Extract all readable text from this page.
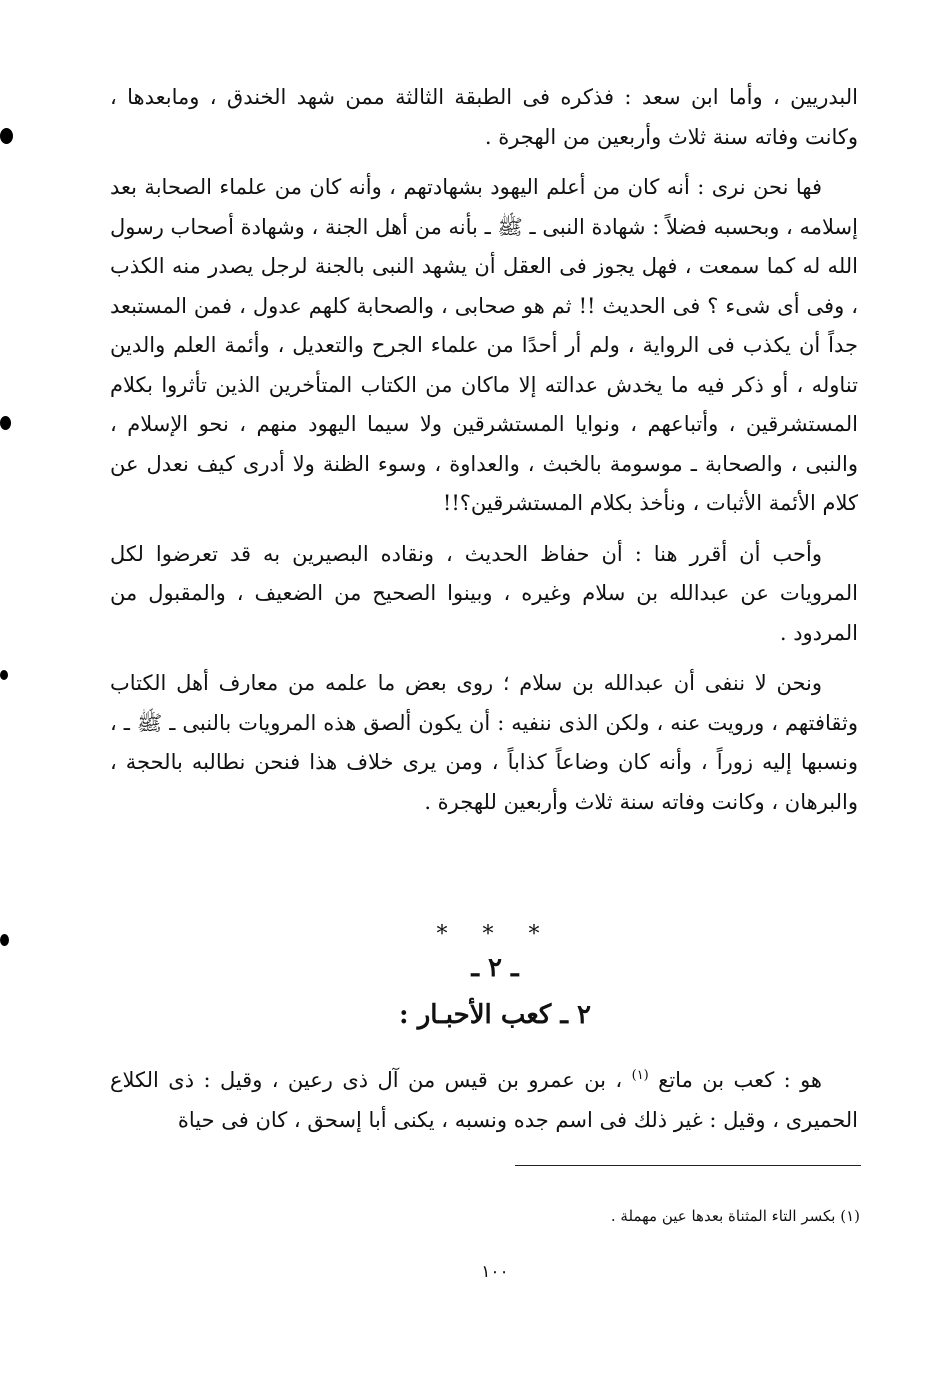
البدريين ، وأما ابن سعد : فذكره فى الطبقة الثالثة ممن شهد الخندق ، ومابعدها ، وكانت وفاته سنة ثلاث وأربعين من الهجرة .

فها نحن نرى : أنه كان من أعلم اليهود بشهادتهم ، وأنه كان من علماء الصحابة بعد إسلامه ، وبحسبه فضلاً : شهادة النبى ـ ﷺ ـ بأنه من أهل الجنة ، وشهادة أصحاب رسول الله له كما سمعت ، فهل يجوز فى العقل أن يشهد النبى بالجنة لرجل يصدر منه الكذب ، وفى أى شىء ؟ فى الحديث !! ثم هو صحابى ، والصحابة كلهم عدول ، فمن المستبعد جداً أن يكذب فى الرواية ، ولم أر أحدًا من علماء الجرح والتعديل ، وأئمة العلم والدين تناوله ، أو ذكر فيه ما يخدش عدالته إلا ماكان من الكتاب المتأخرين الذين تأثروا بكلام المستشرقين ، وأتباعهم ، ونوايا المستشرقين ولا سيما اليهود منهم ، نحو الإسلام ، والنبى ، والصحابة ـ موسومة بالخبث ، والعداوة ، وسوء الظنة ولا أدرى كيف نعدل عن كلام الأئمة الأثبات ، ونأخذ بكلام المستشرقين؟!!

وأحب أن أقرر هنا : أن حفاظ الحديث ، ونقاده البصيرين به قد تعرضوا لكل المرويات عن عبدالله بن سلام وغيره ، وبينوا الصحيح من الضعيف ، والمقبول من المردود .

ونحن لا ننفى أن عبدالله بن سلام ؛ روى بعض ما علمه من معارف أهل الكتاب وثقافتهم ، ورويت عنه ، ولكن الذى ننفيه : أن يكون ألصق هذه المرويات بالنبى ـ ﷺ ـ ، ونسبها إليه زوراً ، وأنه كان وضاعاً كذاباً ، ومن يرى خلاف هذا فنحن نطالبه بالحجة ، والبرهان ، وكانت وفاته سنة ثلاث وأربعين للهجرة .

* * *
ـ ٢ ـ
٢ ـ كعب الأحبـار :

هو : كعب بن ماتع $^{(١)}$ ، بن عمرو بن قيس من آل ذى رعين ، وقيل : ذى الكلاع الحميرى ، وقيل : غير ذلك فى اسم جده ونسبه ، يكنى أبا إسحق ، كان فى حياة

(١) بكسر التاء المثناة بعدها عين مهملة .
١٠٠
